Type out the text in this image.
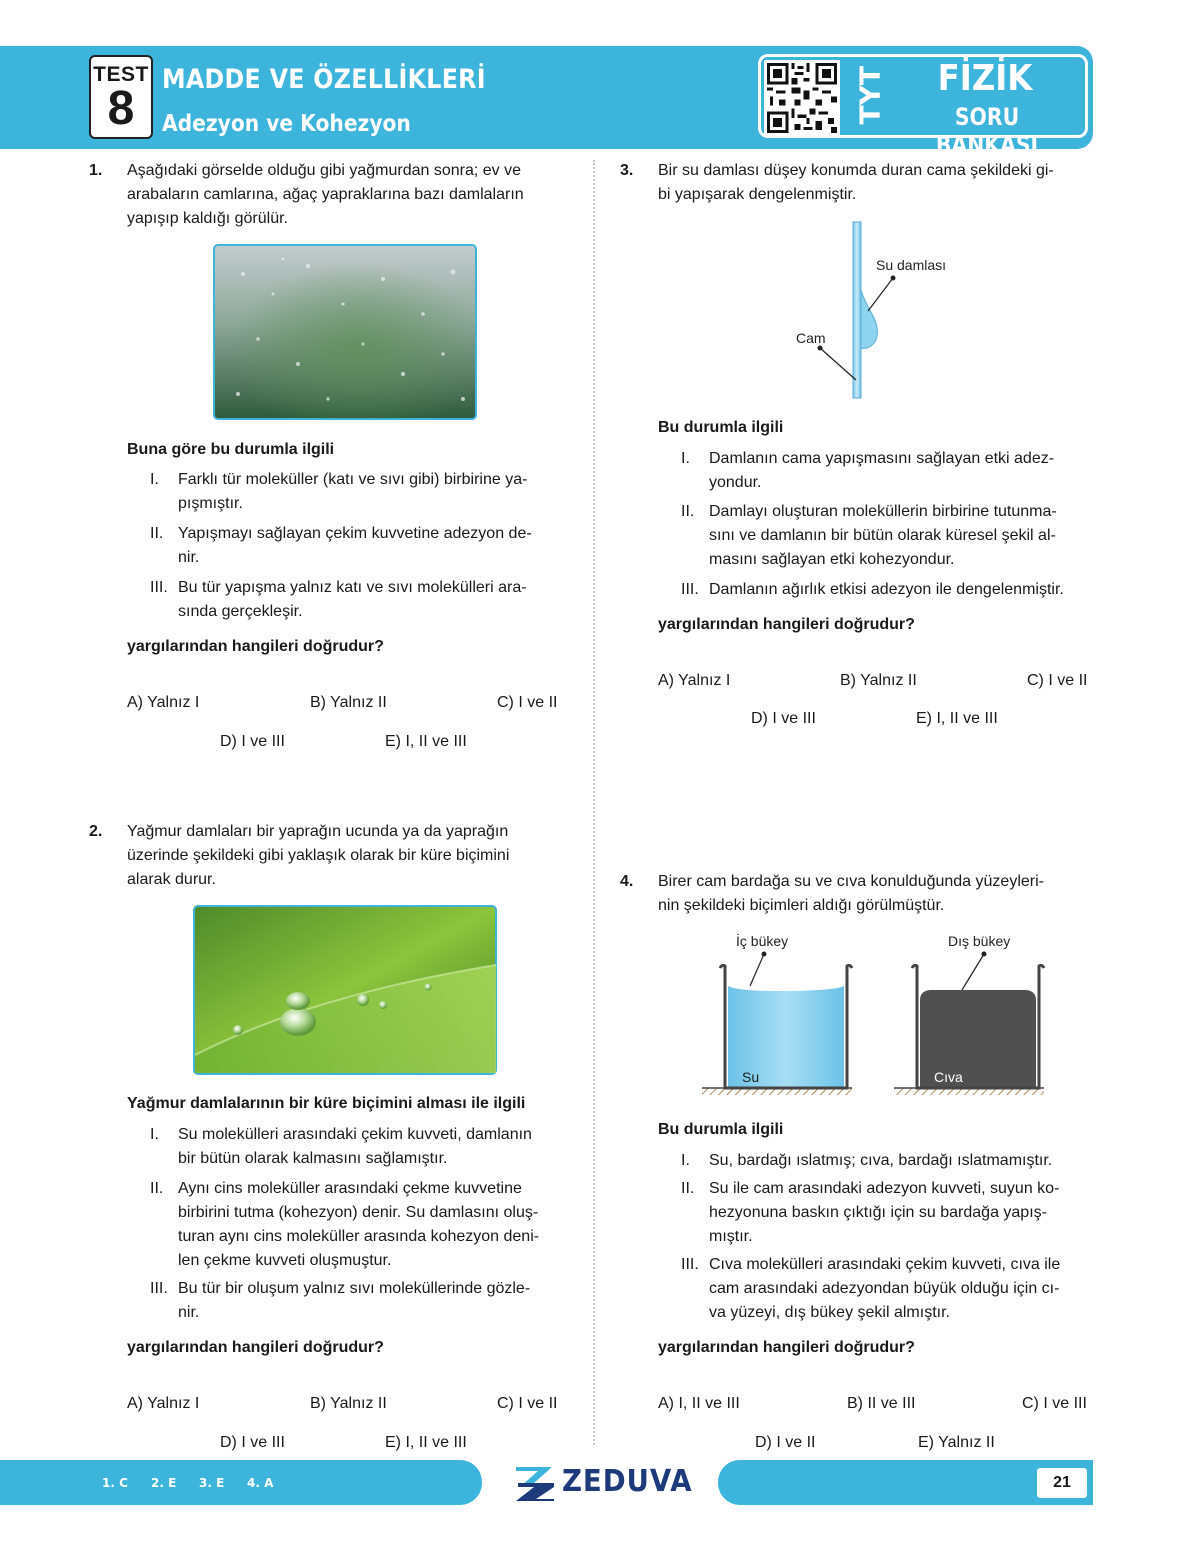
TEST
8
MADDE VE ÖZELLİKLERİ
Adezyon ve Kohezyon	TYT FİZİK
SORU BANKASI
1. Aşağıdaki görselde olduğu gibi yağmurdan sonra; ev ve
arabaların camlarına, ağaç yapraklarına bazı damlaların
yapışıp kaldığı görülür.
Buna göre bu durumla ilgili
I. Farklı tür moleküller (katı ve sıvı gibi) birbirine ya-
pışmıştır.
II. Yapışmayı sağlayan çekim kuvvetine adezyon de-
nir.
III. Bu tür yapışma yalnız katı ve sıvı molekülleri ara-
sında gerçekleşir.
yargılarından hangileri doğrudur?
A) Yalnız I	B) Yalnız II	C) I ve II
D) I ve III	E) I, II ve III
2. Yağmur damlaları bir yaprağın ucunda ya da yaprağın
üzerinde şekildeki gibi yaklaşık olarak bir küre biçimini
alarak durur.
Yağmur damlalarının bir küre biçimini alması ile ilgili
I. Su molekülleri arasındaki çekim kuvveti, damlanın
bir bütün olarak kalmasını sağlamıştır.
II. Aynı cins moleküller arasındaki çekme kuvvetine
birbirini tutma (kohezyon) denir. Su damlasını oluş-
turan aynı cins moleküller arasında kohezyon deni-
len çekme kuvveti oluşmuştur.
III. Bu tür bir oluşum yalnız sıvı moleküllerinde gözle-
nir.
yargılarından hangileri doğrudur?
A) Yalnız I	B) Yalnız II	C) I ve II
D) I ve III	E) I, II ve III
3. Bir su damlası düşey konumda duran cama şekildeki gi-
bi yapışarak dengelenmiştir.
Su damlası
Cam
Bu durumla ilgili
I. Damlanın cama yapışmasını sağlayan etki adez-
yondur.
II. Damlayı oluşturan moleküllerin birbirine tutunma-
sını ve damlanın bir bütün olarak küresel şekil al-
masını sağlayan etki kohezyondur.
III. Damlanın ağırlık etkisi adezyon ile dengelenmiştir.
yargılarından hangileri doğrudur?
A) Yalnız I	B) Yalnız II	C) I ve II
D) I ve III	E) I, II ve III
4. Birer cam bardağa su ve cıva konulduğunda yüzeyleri-
nin şekildeki biçimleri aldığı görülmüştür.
İç bükey	Dış bükey
Su	Cıva
Bu durumla ilgili
I. Su, bardağı ıslatmış; cıva, bardağı ıslatmamıştır.
II. Su ile cam arasındaki adezyon kuvveti, suyun ko-
hezyonuna baskın çıktığı için su bardağa yapış-
mıştır.
III. Cıva molekülleri arasındaki çekim kuvveti, cıva ile
cam arasındaki adezyondan büyük olduğu için cı-
va yüzeyi, dış bükey şekil almıştır.
yargılarından hangileri doğrudur?
A) I, II ve III	B) II ve III	C) I ve III
D) I ve II	E) Yalnız II
1. C 2. E 3. E 4. A	ZEDUVA	21
